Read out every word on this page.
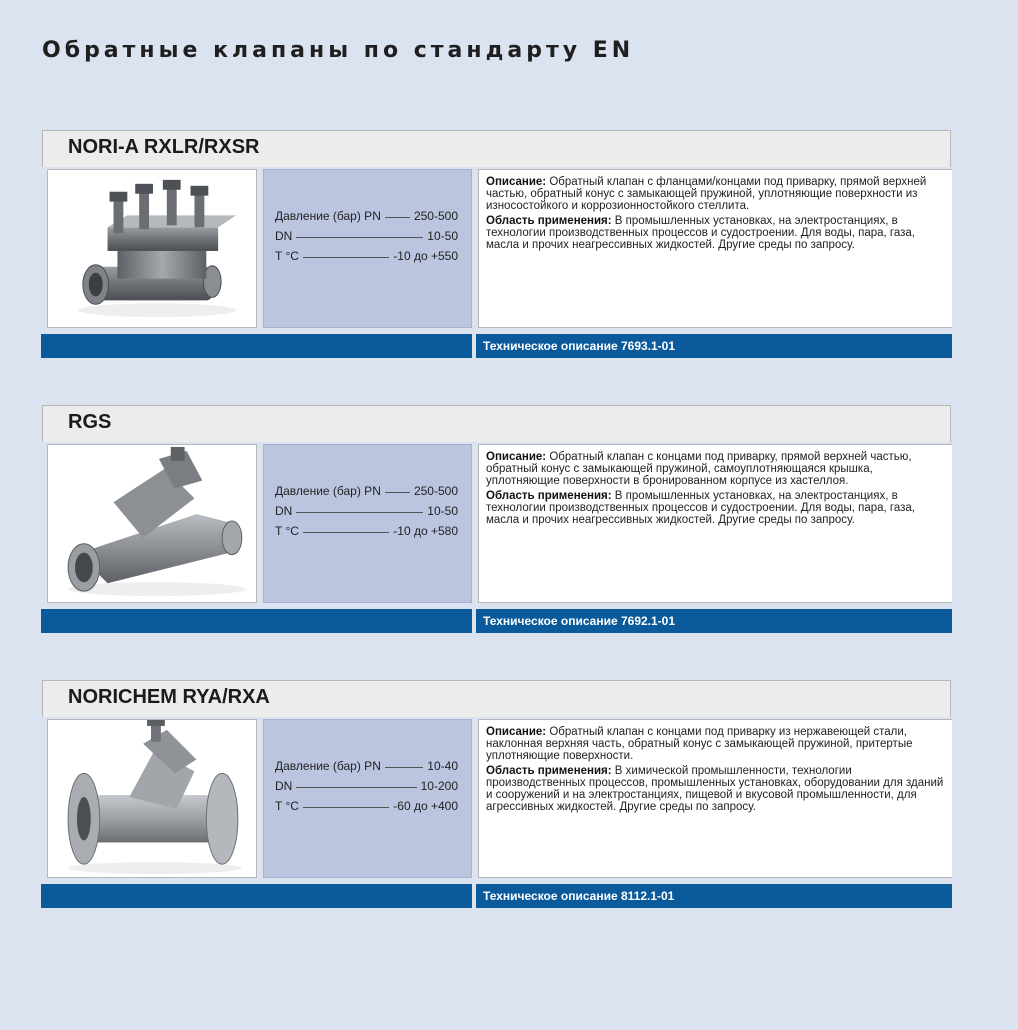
Обратные клапаны по стандарту EN
NORI-A RXLR/RXSR
Давление (бар) PN	250-500
DN	10-50
T °C	-10 до +550

Описание: Обратный клапан с фланцами/концами под приварку, прямой верхней частью, обратный конус с замыкающей пружиной, уплотняющие поверхности из износостойкого и коррозионностойкого стеллита.

Область применения: В промышленных установках, на электростанциях, в технологии производственных процессов и судостроении. Для воды, пара, газа, масла и прочих неагрессивных жидкостей. Другие среды по запросу.

Техническое описание 7693.1-01
RGS
Давление (бар) PN	250-500
DN	10-50
T °C	-10 до +580

Описание: Обратный клапан с концами под приварку, прямой верхней частью, обратный конус с замыкающей пружиной, самоуплотняющаяся крышка, уплотняющие поверхности в бронированном корпусе из хастеллоя.

Область применения: В промышленных установках, на электростанциях, в технологии производственных процессов и судостроении. Для воды, пара, газа, масла и прочих неагрессивных жидкостей. Другие среды по запросу.

Техническое описание 7692.1-01
NORICHEM RYA/RXA
Давление (бар) PN	10-40
DN	10-200
T °C	-60 до +400

Описание: Обратный клапан с концами под приварку из нержавеющей стали, наклонная верхняя часть, обратный конус с замыкающей пружиной, притертые уплотняющие поверхности.

Область применения: В химической промышленности, технологии производственных процессов, промышленных установках, оборудовании для зданий и сооружений и на электростанциях, пищевой и вкусовой промышленности, для агрессивных жидкостей. Другие среды по запросу.

Техническое описание 8112.1-01
